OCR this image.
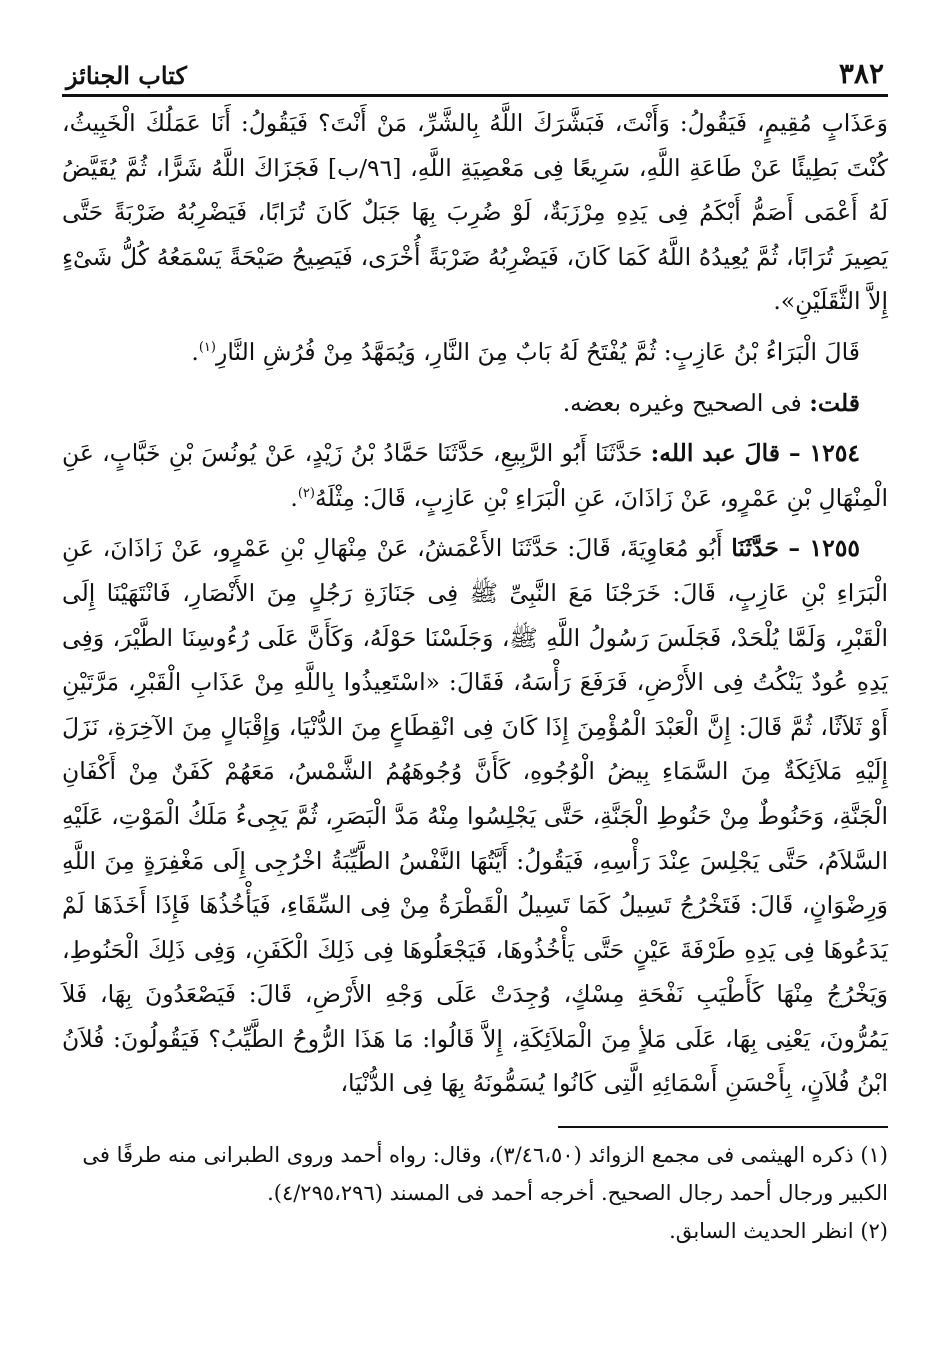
٣٨٢
كتاب الجنائز

وَعَذَابٍ مُقِيمٍ، فَيَقُولُ: وَأَنْتَ، فَبَشَّرَكَ اللَّهُ بِالشَّرِّ، مَنْ أَنْتَ؟ فَيَقُولُ: أَنَا عَمَلُكَ الْخَبِيثُ، كُنْتَ بَطِيئًا عَنْ طَاعَةِ اللَّهِ، سَرِيعًا فِى مَعْصِيَةِ اللَّهِ، [٩٦/ب] فَجَزَاكَ اللَّهُ شَرًّا، ثُمَّ يُقَيَّضُ لَهُ أَعْمَى أَصَمُّ أَبْكَمُ فِى يَدِهِ مِرْزَبَةٌ، لَوْ ضُرِبَ بِهَا جَبَلٌ كَانَ تُرَابًا، فَيَضْرِبُهُ ضَرْبَةً حَتَّى يَصِيرَ تُرَابًا، ثُمَّ يُعِيدُهُ اللَّهُ كَمَا كَانَ، فَيَضْرِبُهُ ضَرْبَةً أُخْرَى، فَيَصِيحُ صَيْحَةً يَسْمَعُهُ كُلُّ شَىْءٍ إِلاَّ الثَّقَلَيْنِ».

قَالَ الْبَرَاءُ بْنُ عَازِبٍ: ثُمَّ يُفْتَحُ لَهُ بَابٌ مِنَ النَّارِ، وَيُمَهَّدُ مِنْ فُرُشِ النَّارِ$^{(١)}$.

قلت: فى الصحيح وغيره بعضه.

١٢٥٤ – قالَ عبد الله: حَدَّثَنَا أَبُو الرَّبِيعِ، حَدَّثَنَا حَمَّادُ بْنُ زَيْدٍ، عَنْ يُونُسَ بْنِ خَبَّابٍ، عَنِ الْمِنْهَالِ بْنِ عَمْرٍو، عَنْ زَاذَانَ، عَنِ الْبَرَاءِ بْنِ عَازِبٍ، قَالَ: مِثْلَهُ$^{(٢)}$.

١٢٥٥ – حَدَّثَنَا أَبُو مُعَاوِيَةَ، قَالَ: حَدَّثَنَا الأَعْمَشُ، عَنْ مِنْهَالِ بْنِ عَمْرٍو، عَنْ زَاذَانَ، عَنِ الْبَرَاءِ بْنِ عَازِبٍ، قَالَ: خَرَجْنَا مَعَ النَّبِىِّ ﷺ فِى جَنَازَةِ رَجُلٍ مِنَ الأَنْصَارِ، فَانْتَهَيْنَا إِلَى الْقَبْرِ، وَلَمَّا يُلْحَدْ، فَجَلَسَ رَسُولُ اللَّهِ ﷺ، وَجَلَسْنَا حَوْلَهُ، وَكَأَنَّ عَلَى رُءُوسِنَا الطَّيْرَ، وَفِى يَدِهِ عُودٌ يَنْكُتُ فِى الأَرْضِ، فَرَفَعَ رَأْسَهُ، فَقَالَ: «اسْتَعِيذُوا بِاللَّهِ مِنْ عَذَابِ الْقَبْرِ، مَرَّتَيْنِ أَوْ ثَلاَثًا، ثُمَّ قَالَ: إِنَّ الْعَبْدَ الْمُؤْمِنَ إِذَا كَانَ فِى انْقِطَاعٍ مِنَ الدُّنْيَا، وَإِقْبَالٍ مِنَ الآخِرَةِ، نَزَلَ إِلَيْهِ مَلاَئِكَةٌ مِنَ السَّمَاءِ بِيضُ الْوُجُوهِ، كَأَنَّ وُجُوهَهُمُ الشَّمْسُ، مَعَهُمْ كَفَنٌ مِنْ أَكْفَانِ الْجَنَّةِ، وَحَنُوطٌ مِنْ حَنُوطِ الْجَنَّةِ، حَتَّى يَجْلِسُوا مِنْهُ مَدَّ الْبَصَرِ، ثُمَّ يَجِىءُ مَلَكُ الْمَوْتِ، عَلَيْهِ السَّلاَمُ، حَتَّى يَجْلِسَ عِنْدَ رَأْسِهِ، فَيَقُولُ: أَيَّتُهَا النَّفْسُ الطَّيِّبَةُ اخْرُجِى إِلَى مَغْفِرَةٍ مِنَ اللَّهِ وَرِضْوَانٍ، قَالَ: فَتَخْرُجُ تَسِيلُ كَمَا تَسِيلُ الْقَطْرَةُ مِنْ فِى السِّقَاءِ، فَيَأْخُذُهَا فَإِذَا أَخَذَهَا لَمْ يَدَعُوهَا فِى يَدِهِ طَرْفَةَ عَيْنٍ حَتَّى يَأْخُذُوهَا، فَيَجْعَلُوهَا فِى ذَلِكَ الْكَفَنِ، وَفِى ذَلِكَ الْحَنُوطِ، وَيَخْرُجُ مِنْهَا كَأَطْيَبِ نَفْحَةِ مِسْكٍ، وُجِدَتْ عَلَى وَجْهِ الأَرْضِ، قَالَ: فَيَصْعَدُونَ بِهَا، فَلاَ يَمُرُّونَ، يَعْنِى بِهَا، عَلَى مَلأٍ مِنَ الْمَلاَئِكَةِ، إِلاَّ قَالُوا: مَا هَذَا الرُّوحُ الطَّيِّبُ؟ فَيَقُولُونَ: فُلاَنُ ابْنُ فُلاَنٍ، بِأَحْسَنِ أَسْمَائِهِ الَّتِى كَانُوا يُسَمُّونَهُ بِهَا فِى الدُّنْيَا،

(١) ذكره الهيثمى فى مجمع الزوائد (٣/٤٦،٥٠)، وقال: رواه أحمد وروى الطبرانى منه طرفًا فى الكبير ورجال أحمد رجال الصحيح. أخرجه أحمد فى المسند (٤/٢٩٥،٢٩٦).

(٢) انظر الحديث السابق.
